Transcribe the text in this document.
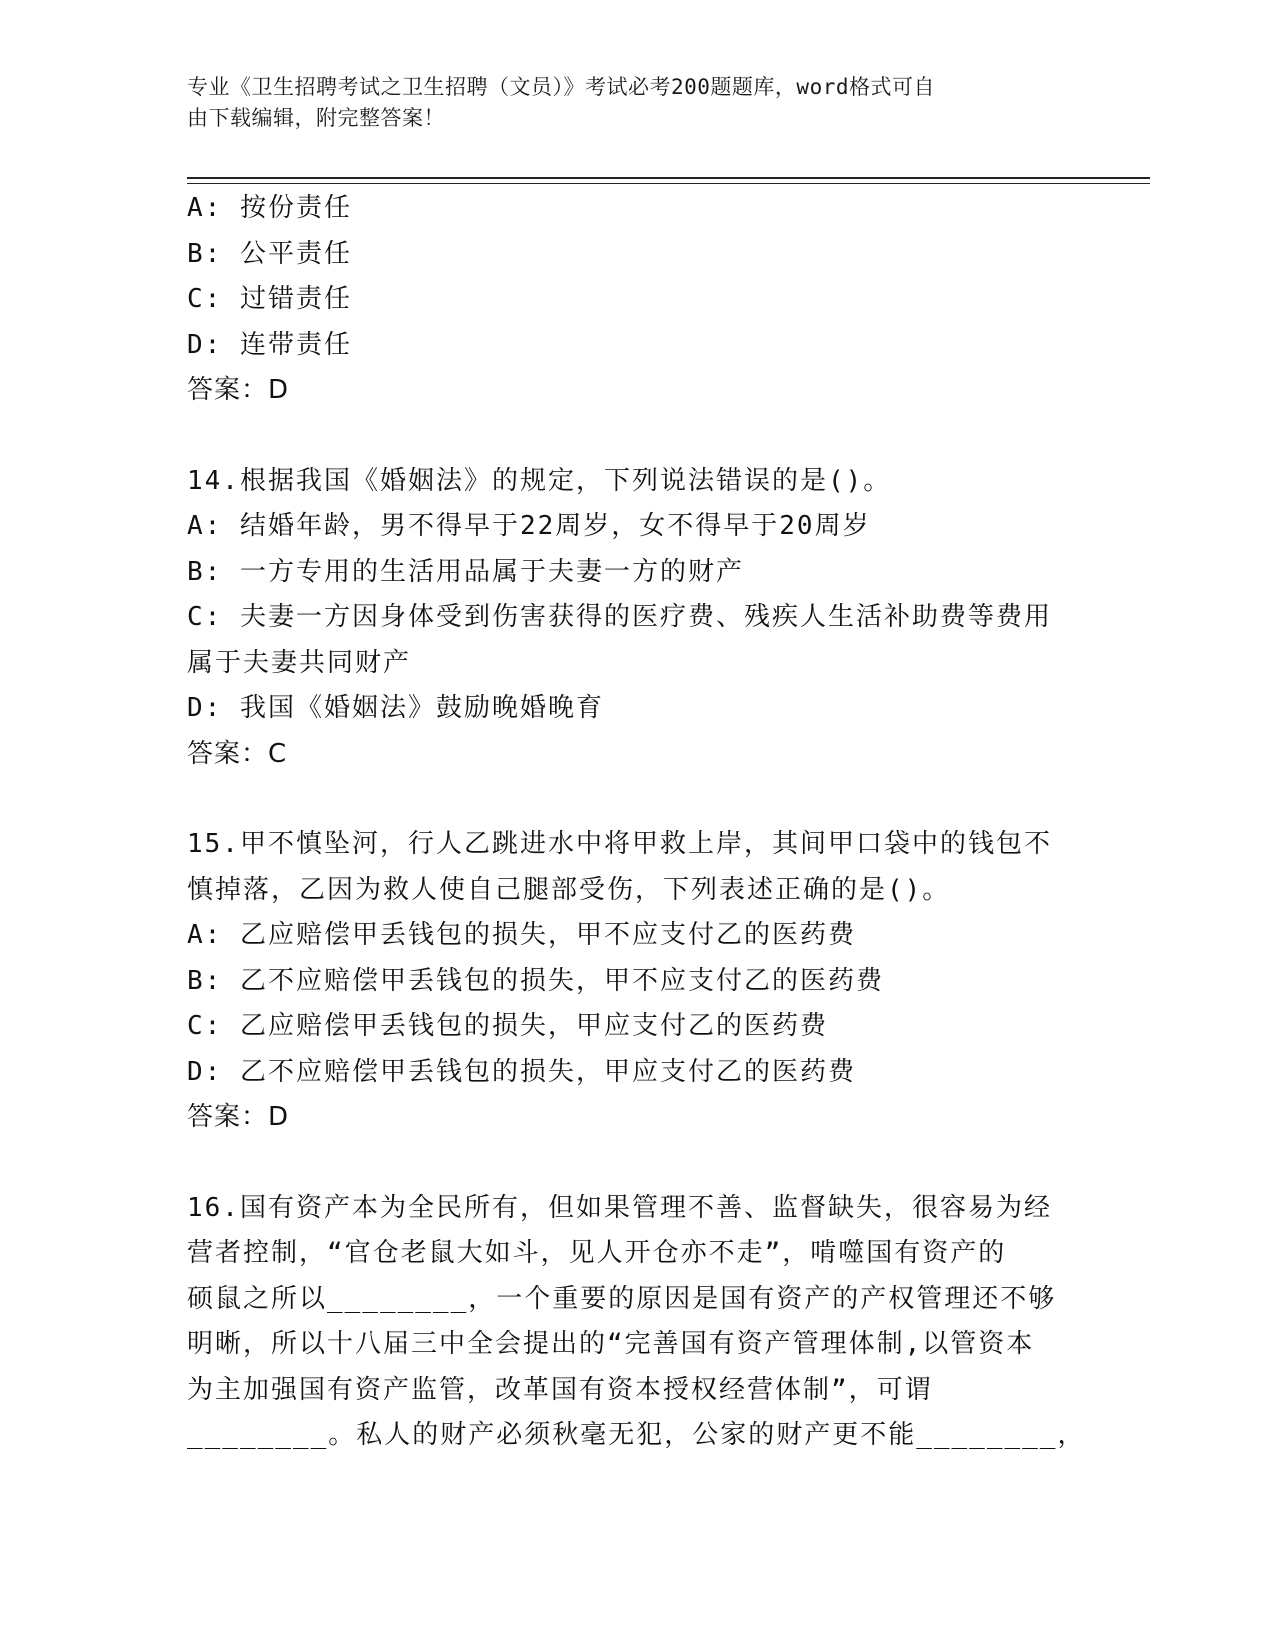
专业《卫生招聘考试之卫生招聘（文员）》考试必考200题题库，word格式可自
由下载编辑，附完整答案！
A: 按份责任
B: 公平责任
C: 过错责任
D: 连带责任
答案：D
14.根据我国《婚姻法》的规定，下列说法错误的是()。
A: 结婚年龄，男不得早于22周岁，女不得早于20周岁
B: 一方专用的生活用品属于夫妻一方的财产
C: 夫妻一方因身体受到伤害获得的医疗费、残疾人生活补助费等费用
属于夫妻共同财产
D: 我国《婚姻法》鼓励晚婚晚育
答案：C
15.甲不慎坠河，行人乙跳进水中将甲救上岸，其间甲口袋中的钱包不
慎掉落，乙因为救人使自己腿部受伤，下列表述正确的是()。
A: 乙应赔偿甲丢钱包的损失，甲不应支付乙的医药费
B: 乙不应赔偿甲丢钱包的损失，甲不应支付乙的医药费
C: 乙应赔偿甲丢钱包的损失，甲应支付乙的医药费
D: 乙不应赔偿甲丢钱包的损失，甲应支付乙的医药费
答案：D
16.国有资产本为全民所有，但如果管理不善、监督缺失，很容易为经
营者控制，“官仓老鼠大如斗，见人开仓亦不走”，啃噬国有资产的
硕鼠之所以________，一个重要的原因是国有资产的产权管理还不够
明晰，所以十八届三中全会提出的“完善国有资产管理体制,以管资本
为主加强国有资产监管，改革国有资本授权经营体制”，可谓
________。私人的财产必须秋毫无犯，公家的财产更不能________，
